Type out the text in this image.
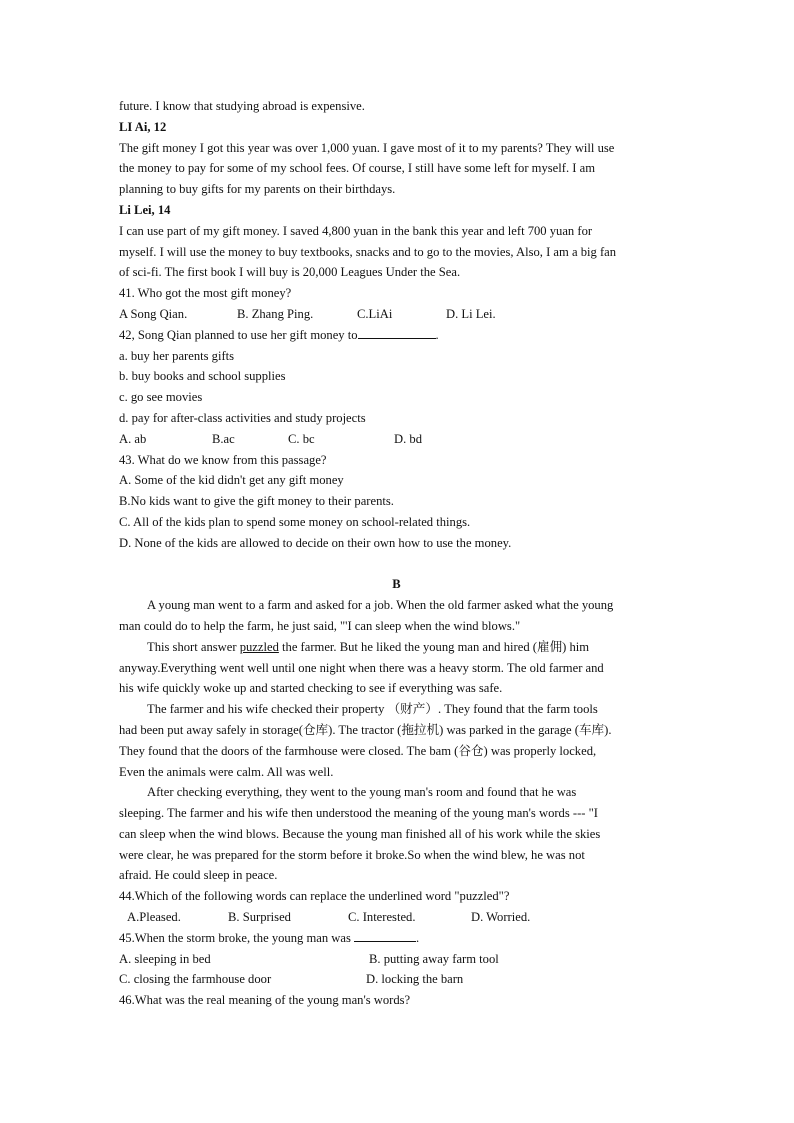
future. I know that studying abroad is expensive.
LI Ai, 12
The gift money I got this year was over 1,000 yuan. I gave most of it to my parents? They will use
the money to pay for some of my school fees. Of course, I still have some left for myself. I am
planning to buy gifts for my parents on their birthdays.
Li Lei, 14
I can use part of my gift money. I saved 4,800 yuan in the bank this year and left 700 yuan for
myself. I will use the money to buy textbooks, snacks and to go to the movies, Also, I am a big fan
of sci-fi. The first book I will buy is 20,000 Leagues Under the Sea.
41. Who got the most gift money?
A Song Qian.	B. Zhang Ping.	C.LiAi	D. Li Lei.
42, Song Qian planned to use her gift money to	.
a. buy her parents gifts
b. buy books and school supplies
c. go see movies
d. pay for after-class activities and study projects
A. ab	B.ac	C. bc	D. bd
43. What do we know from this passage?
A. Some of the kid didn't get any gift money
B.No kids want to give the gift money to their parents.
C. All of the kids plan to spend some money on school-related things.
D. None of the kids are allowed to decide on their own how to use the money.
B
A young man went to a farm and asked for a job. When the old farmer asked what the young
man could do to help the farm, he just said, "'I can sleep when the wind blows."
This short answer puzzled the farmer. But he liked the young man and hired (雇佣) him
anyway.Everything went well until one night when there was a heavy storm. The old farmer and
his wife quickly woke up and started checking to see if everything was safe.
The farmer and his wife checked their property （财产）. They found that the farm tools
had been put away safely in storage(仓库). The tractor (拖拉机) was parked in the garage (车库).
They found that the doors of the farmhouse were closed. The bam (谷仓) was properly locked,
Even the animals were calm. All was well.
After checking everything, they went to the young man's room and found that he was
sleeping. The farmer and his wife then understood the meaning of the young man's words --- "I
can sleep when the wind blows. Because the young man finished all of his work while the skies
were clear, he was prepared for the storm before it broke.So when the wind blew, he was not
afraid. He could sleep in peace.
44.Which of the following words can replace the underlined word "puzzled"?
A.Pleased.	B. Surprised	C. Interested.	D. Worried.
45.When the storm broke, the young man was	.
A. sleeping in bed	B. putting away farm tool
C. closing the farmhouse door	D. locking the barn
46.What was the real meaning of the young man's words?
